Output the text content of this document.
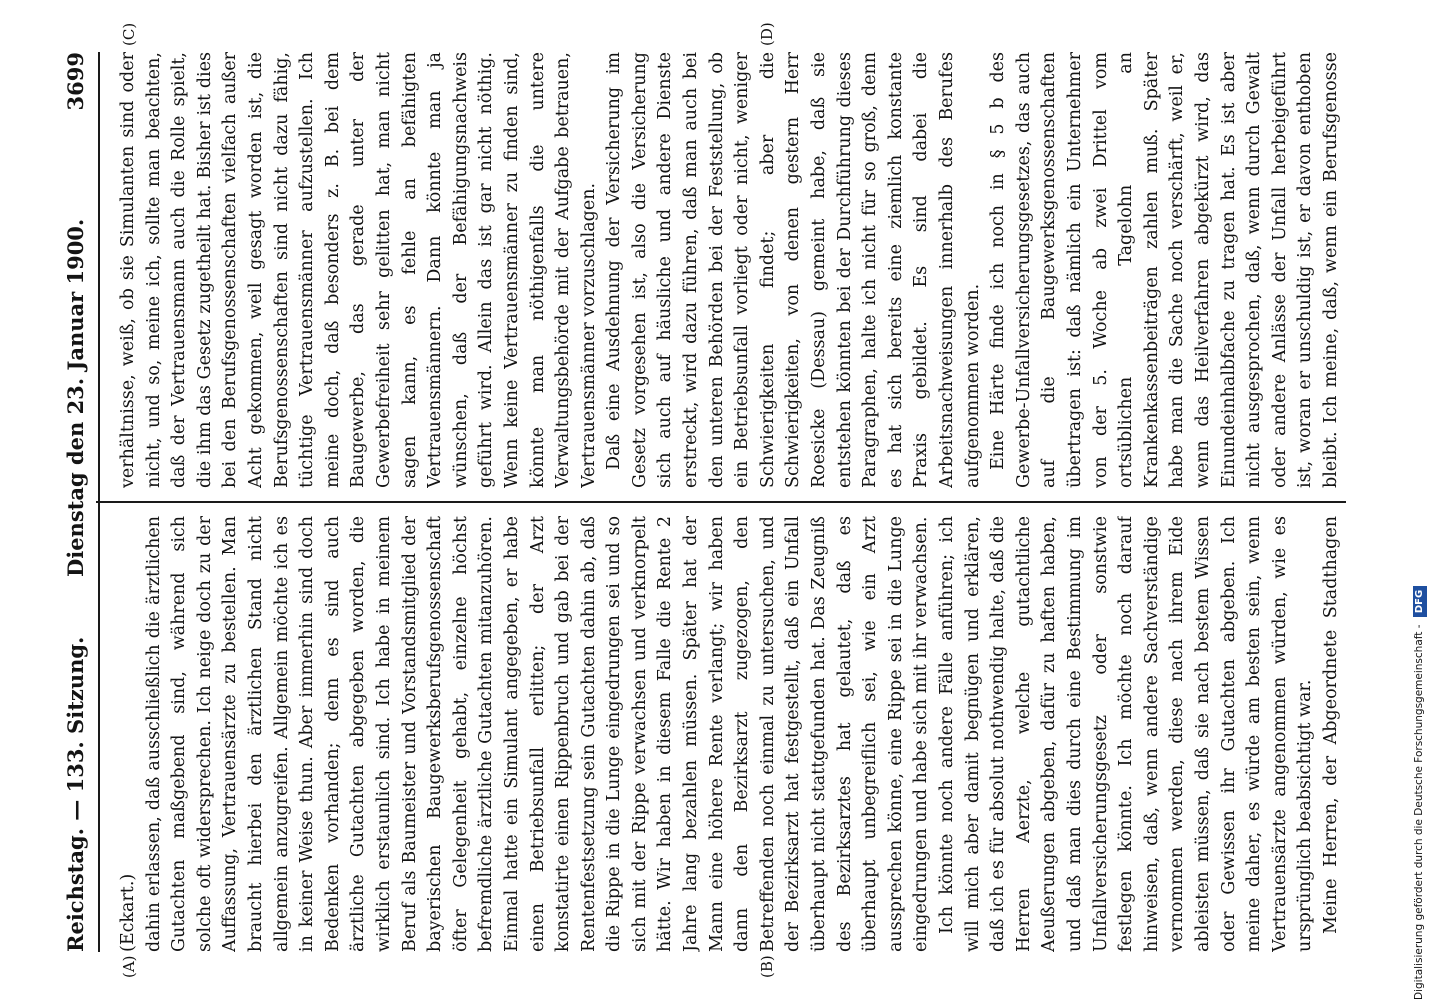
Reichstag. — 133. Sitzung.
Dienstag den 23. Januar 1900.
3699
(A)	(B)
(C)	(D)

(Eckart.) dahin erlassen, daß ausschließlich die ärztlichen Gutachten maßgebend sind, während sich solche oft widersprechen. Ich neige doch zu der Auffassung, Vertrauensärzte zu bestellen. Man braucht hierbei den ärztlichen Stand nicht allgemein anzugreifen. Allgemein möchte ich es in keiner Weise thun. Aber immerhin sind doch Bedenken vorhanden; denn es sind auch ärztliche Gutachten abgegeben worden, die wirklich erstaunlich sind. Ich habe in meinem Beruf als Baumeister und Vorstandsmitglied der bayerischen Baugewerksberufsgenossenschaft öfter Gelegenheit gehabt, einzelne höchst befremdliche ärztliche Gutachten mitanzuhören. Einmal hatte ein Simulant angegeben, er habe einen Betriebsunfall erlitten; der Arzt konstatirte einen Rippenbruch und gab bei der Rentenfestsetzung sein Gutachten dahin ab, daß die Rippe in die Lunge eingedrungen sei und so sich mit der Rippe verwachsen und verknorpelt hätte. Wir haben in diesem Falle die Rente 2 Jahre lang bezahlen müssen. Später hat der Mann eine höhere Rente verlangt; wir haben dann den Bezirksarzt zugezogen, den Betreffenden noch einmal zu untersuchen, und der Bezirksarzt hat festgestellt, daß ein Unfall überhaupt nicht stattgefunden hat. Das Zeugniß des Bezirksarztes hat gelautet, daß es überhaupt unbegreiflich sei, wie ein Arzt aussprechen könne, eine Rippe sei in die Lunge eingedrungen und habe sich mit ihr verwachsen. Ich könnte noch andere Fälle anführen; ich will mich aber damit begnügen und erklären, daß ich es für absolut nothwendig halte, daß die Herren Aerzte, welche gutachtliche Aeußerungen abgeben, dafür zu haften haben, und daß man dies durch eine Bestimmung im Unfallversicherungsgesetz oder sonstwie festlegen könnte. Ich möchte noch darauf hinweisen, daß, wenn andere Sachverständige vernommen werden, diese nach ihrem Eide ableisten müssen, daß sie nach bestem Wissen oder Gewissen ihr Gutachten abgeben. Ich meine daher, es würde am besten sein, wenn Vertrauensärzte angenommen würden, wie es ursprünglich beabsichtigt war. Meine Herren, der Abgeordnete Stadthagen

verhältnisse, weiß, ob sie Simulanten sind oder nicht, und so, meine ich, sollte man beachten, daß der Vertrauensmann auch die Rolle spielt, die ihm das Gesetz zugetheilt hat. Bisher ist dies bei den Berufsgenossenschaften vielfach außer Acht gekommen, weil gesagt worden ist, die Berufsgenossenschaften sind nicht dazu fähig, tüchtige Vertrauensmänner aufzustellen. Ich meine doch, daß besonders z. B. bei dem Baugewerbe, das gerade unter der Gewerbefreiheit sehr gelitten hat, man nicht sagen kann, es fehle an befähigten Vertrauensmännern. Dann könnte man ja wünschen, daß der Befähigungsnachweis geführt wird. Allein das ist gar nicht nöthig. Wenn keine Vertrauensmänner zu finden sind, könnte man nöthigenfalls die untere Verwaltungsbehörde mit der Aufgabe betrauen, Vertrauensmänner vorzuschlagen. Daß eine Ausdehnung der Versicherung im Gesetz vorgesehen ist, also die Versicherung sich auch auf häusliche und andere Dienste erstreckt, wird dazu führen, daß man auch bei den unteren Behörden bei der Feststellung, ob ein Betriebsunfall vorliegt oder nicht, weniger Schwierigkeiten findet; aber die Schwierigkeiten, von denen gestern Herr Roesicke (Dessau) gemeint habe, daß sie entstehen könnten bei der Durchführung dieses Paragraphen, halte ich nicht für so groß, denn es hat sich bereits eine ziemlich konstante Praxis gebildet. Es sind dabei die Arbeitsnachweisungen innerhalb des Berufes aufgenommen worden. Eine Härte finde ich noch in § 5 b des Gewerbe-Unfallversicherungsgesetzes, das auch auf die Baugewerksgenossenschaften übertragen ist: daß nämlich ein Unternehmer von der 5. Woche ab zwei Drittel vom ortsüblichen Tagelohn an Krankenkassenbeiträgen zahlen muß. Später habe man die Sache noch verschärft, weil er, wenn das Heilverfahren abgekürzt wird, das Einundeinhalbfache zu tragen hat. Es ist aber nicht ausgesprochen, daß, wenn durch Gewalt oder andere Anlässe der Unfall herbeigeführt ist, woran er unschuldig ist, er davon enthoben bleibt. Ich meine, daß, wenn ein Berufsgenosse

Digitalisierung gefördert durch die Deutsche Forschungsgemeinschaft - DFG
